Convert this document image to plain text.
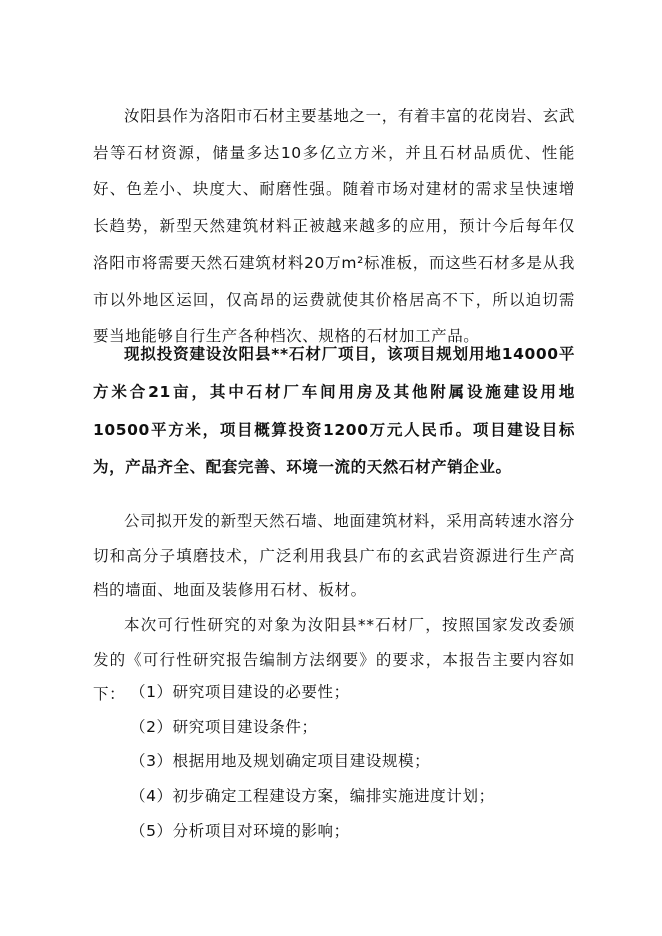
汝阳县作为洛阳市石材主要基地之一，有着丰富的花岗岩、玄武岩等石材资源，储量多达10多亿立方米，并且石材品质优、性能好、色差小、块度大、耐磨性强。随着市场对建材的需求呈快速增长趋势，新型天然建筑材料正被越来越多的应用，预计今后每年仅洛阳市将需要天然石建筑材料20万m²标准板，而这些石材多是从我市以外地区运回，仅高昂的运费就使其价格居高不下，所以迫切需要当地能够自行生产各种档次、规格的石材加工产品。

现拟投资建设汝阳县**石材厂项目，该项目规划用地14000平方米合21亩，其中石材厂车间用房及其他附属设施建设用地10500平方米，项目概算投资1200万元人民币。项目建设目标为，产品齐全、配套完善、环境一流的天然石材产销企业。

公司拟开发的新型天然石墙、地面建筑材料，采用高转速水溶分切和高分子填磨技术，广泛利用我县广布的玄武岩资源进行生产高档的墙面、地面及装修用石材、板材。

本次可行性研究的对象为汝阳县**石材厂，按照国家发改委颁发的《可行性研究报告编制方法纲要》的要求，本报告主要内容如下： （1）研究项目建设的必要性；
（2）研究项目建设条件；
（3）根据用地及规划确定项目建设规模；
（4）初步确定工程建设方案，编排实施进度计划；
（5）分析项目对环境的影响；
